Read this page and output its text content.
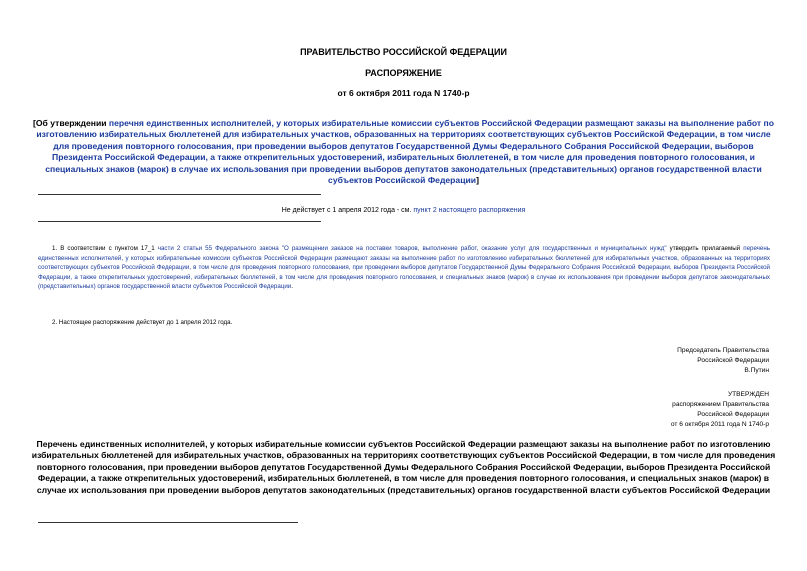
ПРАВИТЕЛЬСТВО РОССИЙСКОЙ ФЕДЕРАЦИИ
РАСПОРЯЖЕНИЕ
от 6 октября 2011 года N 1740-р
[Об утверждении перечня единственных исполнителей, у которых избирательные комиссии субъектов Российской Федерации размещают заказы на выполнение работ по изготовлению избирательных бюллетеней для избирательных участков, образованных на территориях соответствующих субъектов Российской Федерации, в том числе для проведения повторного голосования, при проведении выборов депутатов Государственной Думы Федерального Собрания Российской Федерации, выборов Президента Российской Федерации, а также открепительных удостоверений, избирательных бюллетеней, в том числе для проведения повторного голосования, и специальных знаков (марок) в случае их использования при проведении выборов депутатов законодательных (представительных) органов государственной власти субъектов Российской Федерации]
Не действует с 1 апреля 2012 года - см. пункт 2 настоящего распоряжения
1. В соответствии с пунктом 17_1 части 2 статьи 55 Федерального закона "О размещении заказов на поставки товаров, выполнение работ, оказание услуг для государственных и муниципальных нужд" утвердить прилагаемый перечень единственных исполнителей, у которых избирательные комиссии субъектов Российской Федерации размещают заказы на выполнение работ по изготовлению избирательных бюллетеней для избирательных участков, образованных на территориях соответствующих субъектов Российской Федерации, в том числе для проведения повторного голосования, при проведении выборов депутатов Государственной Думы Федерального Собрания Российской Федерации, выборов Президента Российской Федерации, а также открепительных удостоверений, избирательных бюллетеней, в том числе для проведения повторного голосования, и специальных знаков (марок) в случае их использования при проведении выборов депутатов законодательных (представительных) органов государственной власти субъектов Российской Федерации.
2. Настоящее распоряжение действует до 1 апреля 2012 года.
Председатель Правительства
Российской Федерации
В.Путин
УТВЕРЖДЕН
распоряжением Правительства
Российской Федерации
от 6 октября 2011 года N 1740-р
Перечень единственных исполнителей, у которых избирательные комиссии субъектов Российской Федерации размещают заказы на выполнение работ по изготовлению избирательных бюллетеней для избирательных участков, образованных на территориях соответствующих субъектов Российской Федерации, в том числе для проведения повторного голосования, при проведении выборов депутатов Государственной Думы Федерального Собрания Российской Федерации, выборов Президента Российской Федерации, а также открепительных удостоверений, избирательных бюллетеней, в том числе для проведения повторного голосования, и специальных знаков (марок) в случае их использования при проведении выборов депутатов законодательных (представительных) органов государственной власти субъектов Российской Федерации
